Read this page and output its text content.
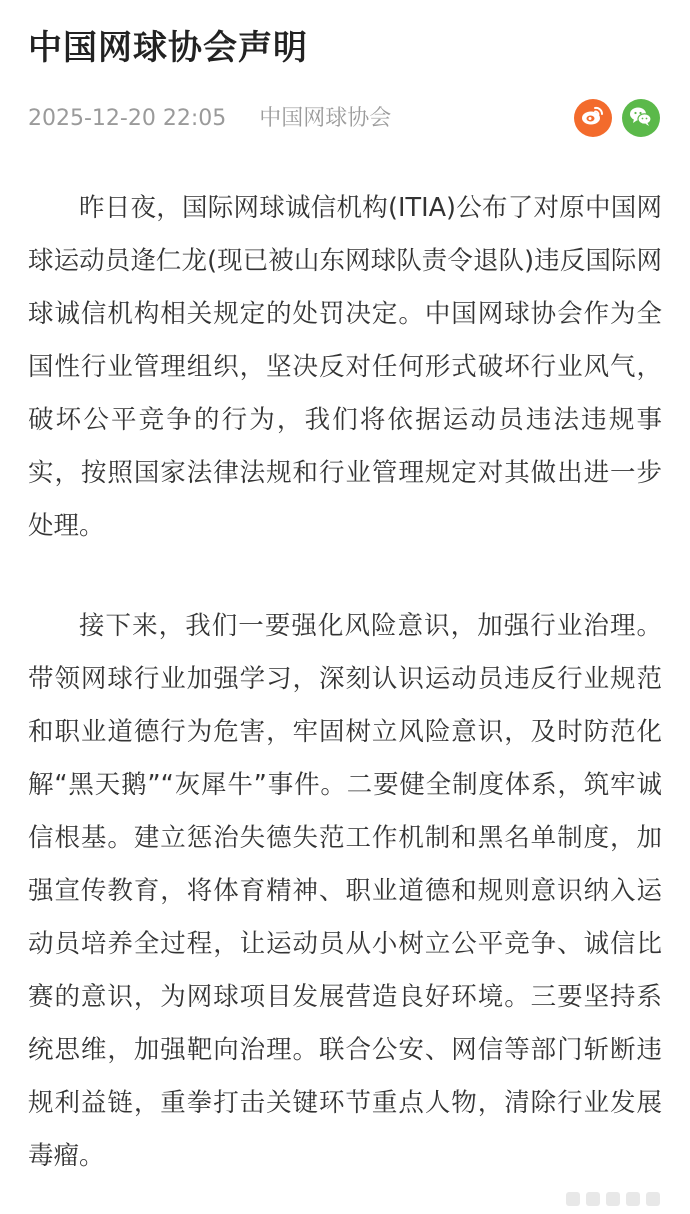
中国网球协会声明
2025-12-20 22:05 中国网球协会

昨日夜，国际网球诚信机构(ITIA)公布了对原中国网球运动员逄仁龙(现已被山东网球队责令退队)违反国际网球诚信机构相关规定的处罚决定。中国网球协会作为全国性行业管理组织，坚决反对任何形式破坏行业风气，破坏公平竞争的行为，我们将依据运动员违法违规事实，按照国家法律法规和行业管理规定对其做出进一步处理。

接下来，我们一要强化风险意识，加强行业治理。带领网球行业加强学习，深刻认识运动员违反行业规范和职业道德行为危害，牢固树立风险意识，及时防范化解“黑天鹅”“灰犀牛”事件。二要健全制度体系，筑牢诚信根基。建立惩治失德失范工作机制和黑名单制度，加强宣传教育，将体育精神、职业道德和规则意识纳入运动员培养全过程，让运动员从小树立公平竞争、诚信比赛的意识，为网球项目发展营造良好环境。三要坚持系统思维，加强靶向治理。联合公安、网信等部门斩断违规利益链，重拳打击关键环节重点人物，清除行业发展毒瘤。
